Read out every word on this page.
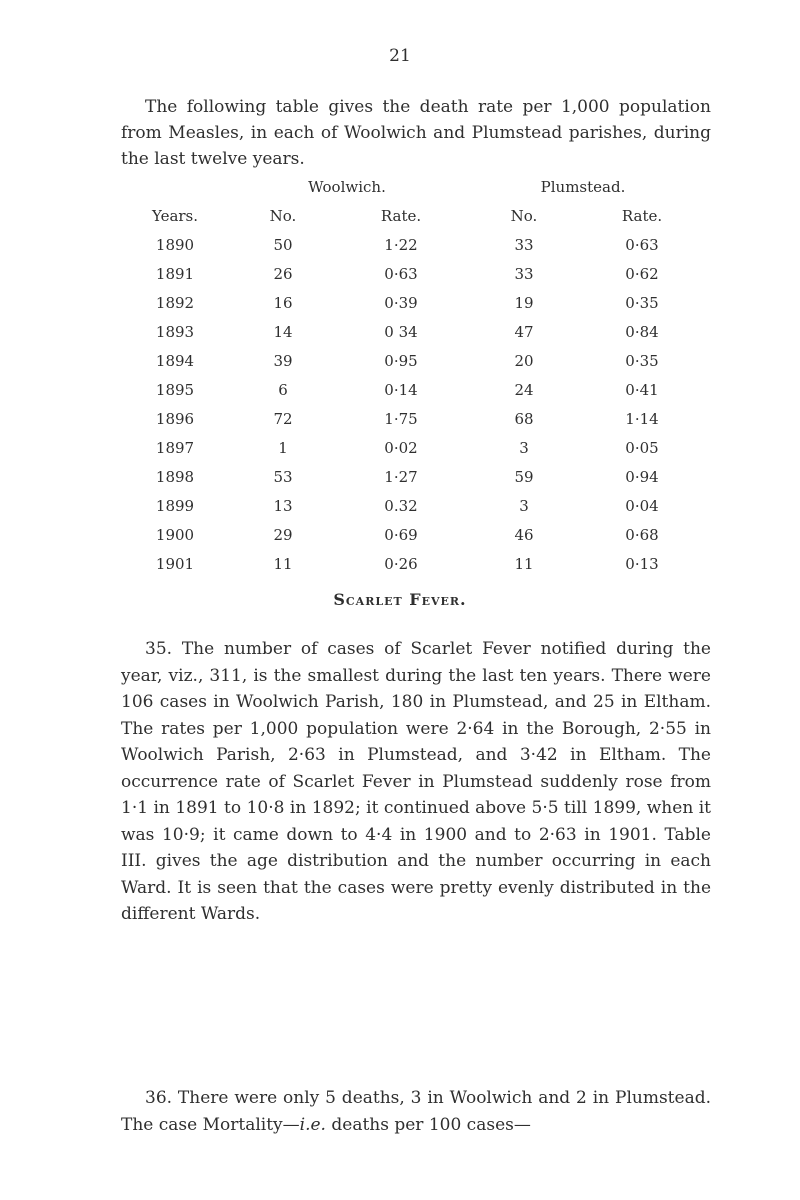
21

The following table gives the death rate per 1,000 population from Measles, in each of Woolwich and Plumstead parishes, during the last twelve years.

	Woolwich.		Plumstead.	
Years.	No.	Rate.	No.	Rate.
1890	50	1·22	33	0·63
1891	26	0·63	33	0·62
1892	16	0·39	19	0·35
1893	14	0 34	47	0·84
1894	39	0·95	20	0·35
1895	6	0·14	24	0·41
1896	72	1·75	68	1·14
1897	1	0·02	3	0·05
1898	53	1·27	59	0·94
1899	13	0.32	3	0·04
1900	29	0·69	46	0·68
1901	11	0·26	11	0·13
Scarlet Fever.

35. The number of cases of Scarlet Fever notified during the year, viz., 311, is the smallest during the last ten years. There were 106 cases in Woolwich Parish, 180 in Plumstead, and 25 in Eltham. The rates per 1,000 population were 2·64 in the Borough, 2·55 in Woolwich Parish, 2·63 in Plumstead, and 3·42 in Eltham. The occurrence rate of Scarlet Fever in Plumstead suddenly rose from 1·1 in 1891 to 10·8 in 1892; it continued above 5·5 till 1899, when it was 10·9; it came down to 4·4 in 1900 and to 2·63 in 1901. Table III. gives the age distribution and the number occurring in each Ward. It is seen that the cases were pretty evenly distributed in the different Wards.

36. There were only 5 deaths, 3 in Woolwich and 2 in Plumstead. The case Mortality—i.e. deaths per 100 cases—
